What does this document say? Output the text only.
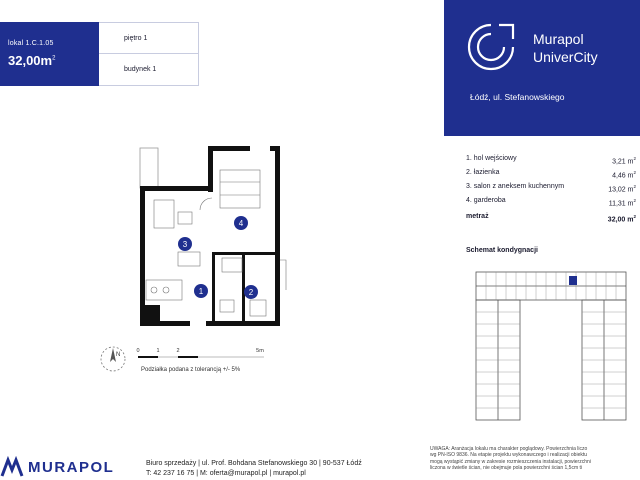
lokal 1.C.1.05
$32,00m^2$
piętro 1
budynek 1
Murapol
UniverCity
Łódź, ul. Stefanowskiego
1. hol wejściowy	3,21 $m^2$
2. łazienka	4,46 $m^2$
3. salon z aneksem kuchennym	13,02 $m^2$
4. garderoba	11,31 $m^2$
metraż	32,00 $m^2$
Schemat kondygnacji
1	2
3
4
N
0	1	2	5m
Podziałka podana z tolerancją +/- 5%
MURAPOL	Biuro sprzedaży | ul. Prof. Bohdana Stefanowskiego 30 | 90-537 Łódź
T: 42 237 16 75 | M: oferta@murapol.pl | murapol.pl
UWAGA: Aranżacja lokalu ma charakter poglądowy. Powierzchnia liczo
wg PN-ISO 9836. Na etapie projektu wykonawczego i realizacji obiektu
mogą wystąpić zmiany w zakresie rozmieszczenia instalacji, powierzchni
liczona w świetle ścian, nie obejmuje pola powierzchni ścian 1,5cm ti
